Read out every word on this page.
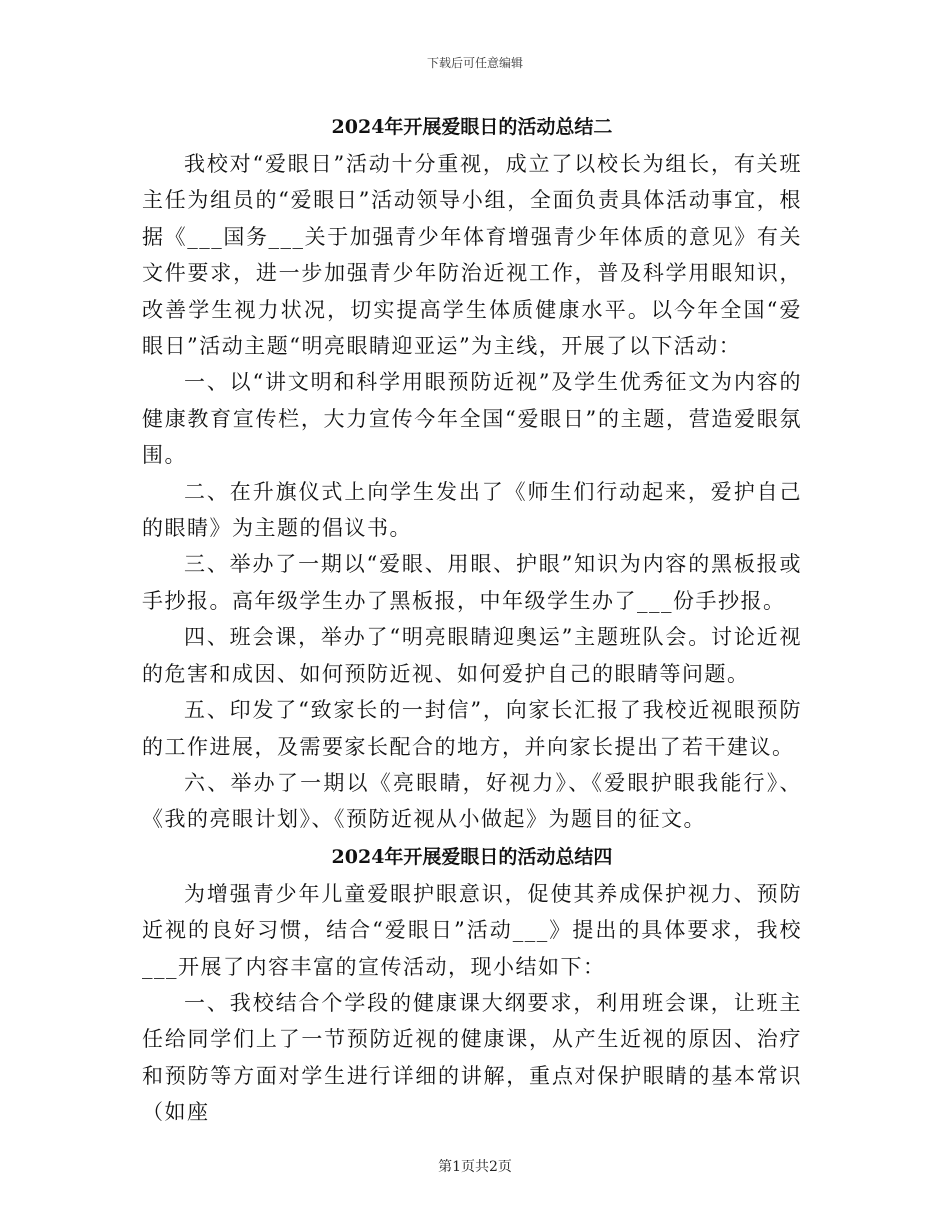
下载后可任意编辑
2024年开展爱眼日的活动总结二

我校对“爱眼日”活动十分重视，成立了以校长为组长，有关班主任为组员的“爱眼日”活动领导小组，全面负责具体活动事宜，根据《___国务___关于加强青少年体育增强青少年体质的意见》有关文件要求，进一步加强青少年防治近视工作，普及科学用眼知识，改善学生视力状况，切实提高学生体质健康水平。以今年全国“爱眼日”活动主题“明亮眼睛迎亚运”为主线，开展了以下活动：

一、以“讲文明和科学用眼预防近视”及学生优秀征文为内容的健康教育宣传栏，大力宣传今年全国“爱眼日”的主题，营造爱眼氛围。

二、在升旗仪式上向学生发出了《师生们行动起来，爱护自己的眼睛》为主题的倡议书。

三、举办了一期以“爱眼、用眼、护眼”知识为内容的黑板报或手抄报。高年级学生办了黑板报，中年级学生办了___份手抄报。

四、班会课，举办了“明亮眼睛迎奥运”主题班队会。讨论近视的危害和成因、如何预防近视、如何爱护自己的眼睛等问题。

五、印发了“致家长的一封信”，向家长汇报了我校近视眼预防的工作进展，及需要家长配合的地方，并向家长提出了若干建议。

六、举办了一期以《亮眼睛，好视力》、《爱眼护眼我能行》、《我的亮眼计划》、《预防近视从小做起》为题目的征文。

2024年开展爱眼日的活动总结四

为增强青少年儿童爱眼护眼意识，促使其养成保护视力、预防近视的良好习惯，结合“爱眼日”活动___》提出的具体要求，我校___开展了内容丰富的宣传活动，现小结如下：

一、我校结合个学段的健康课大纲要求，利用班会课，让班主任给同学们上了一节预防近视的健康课，从产生近视的原因、治疗和预防等方面对学生进行详细的讲解，重点对保护眼睛的基本常识（如座

第1页共2页
